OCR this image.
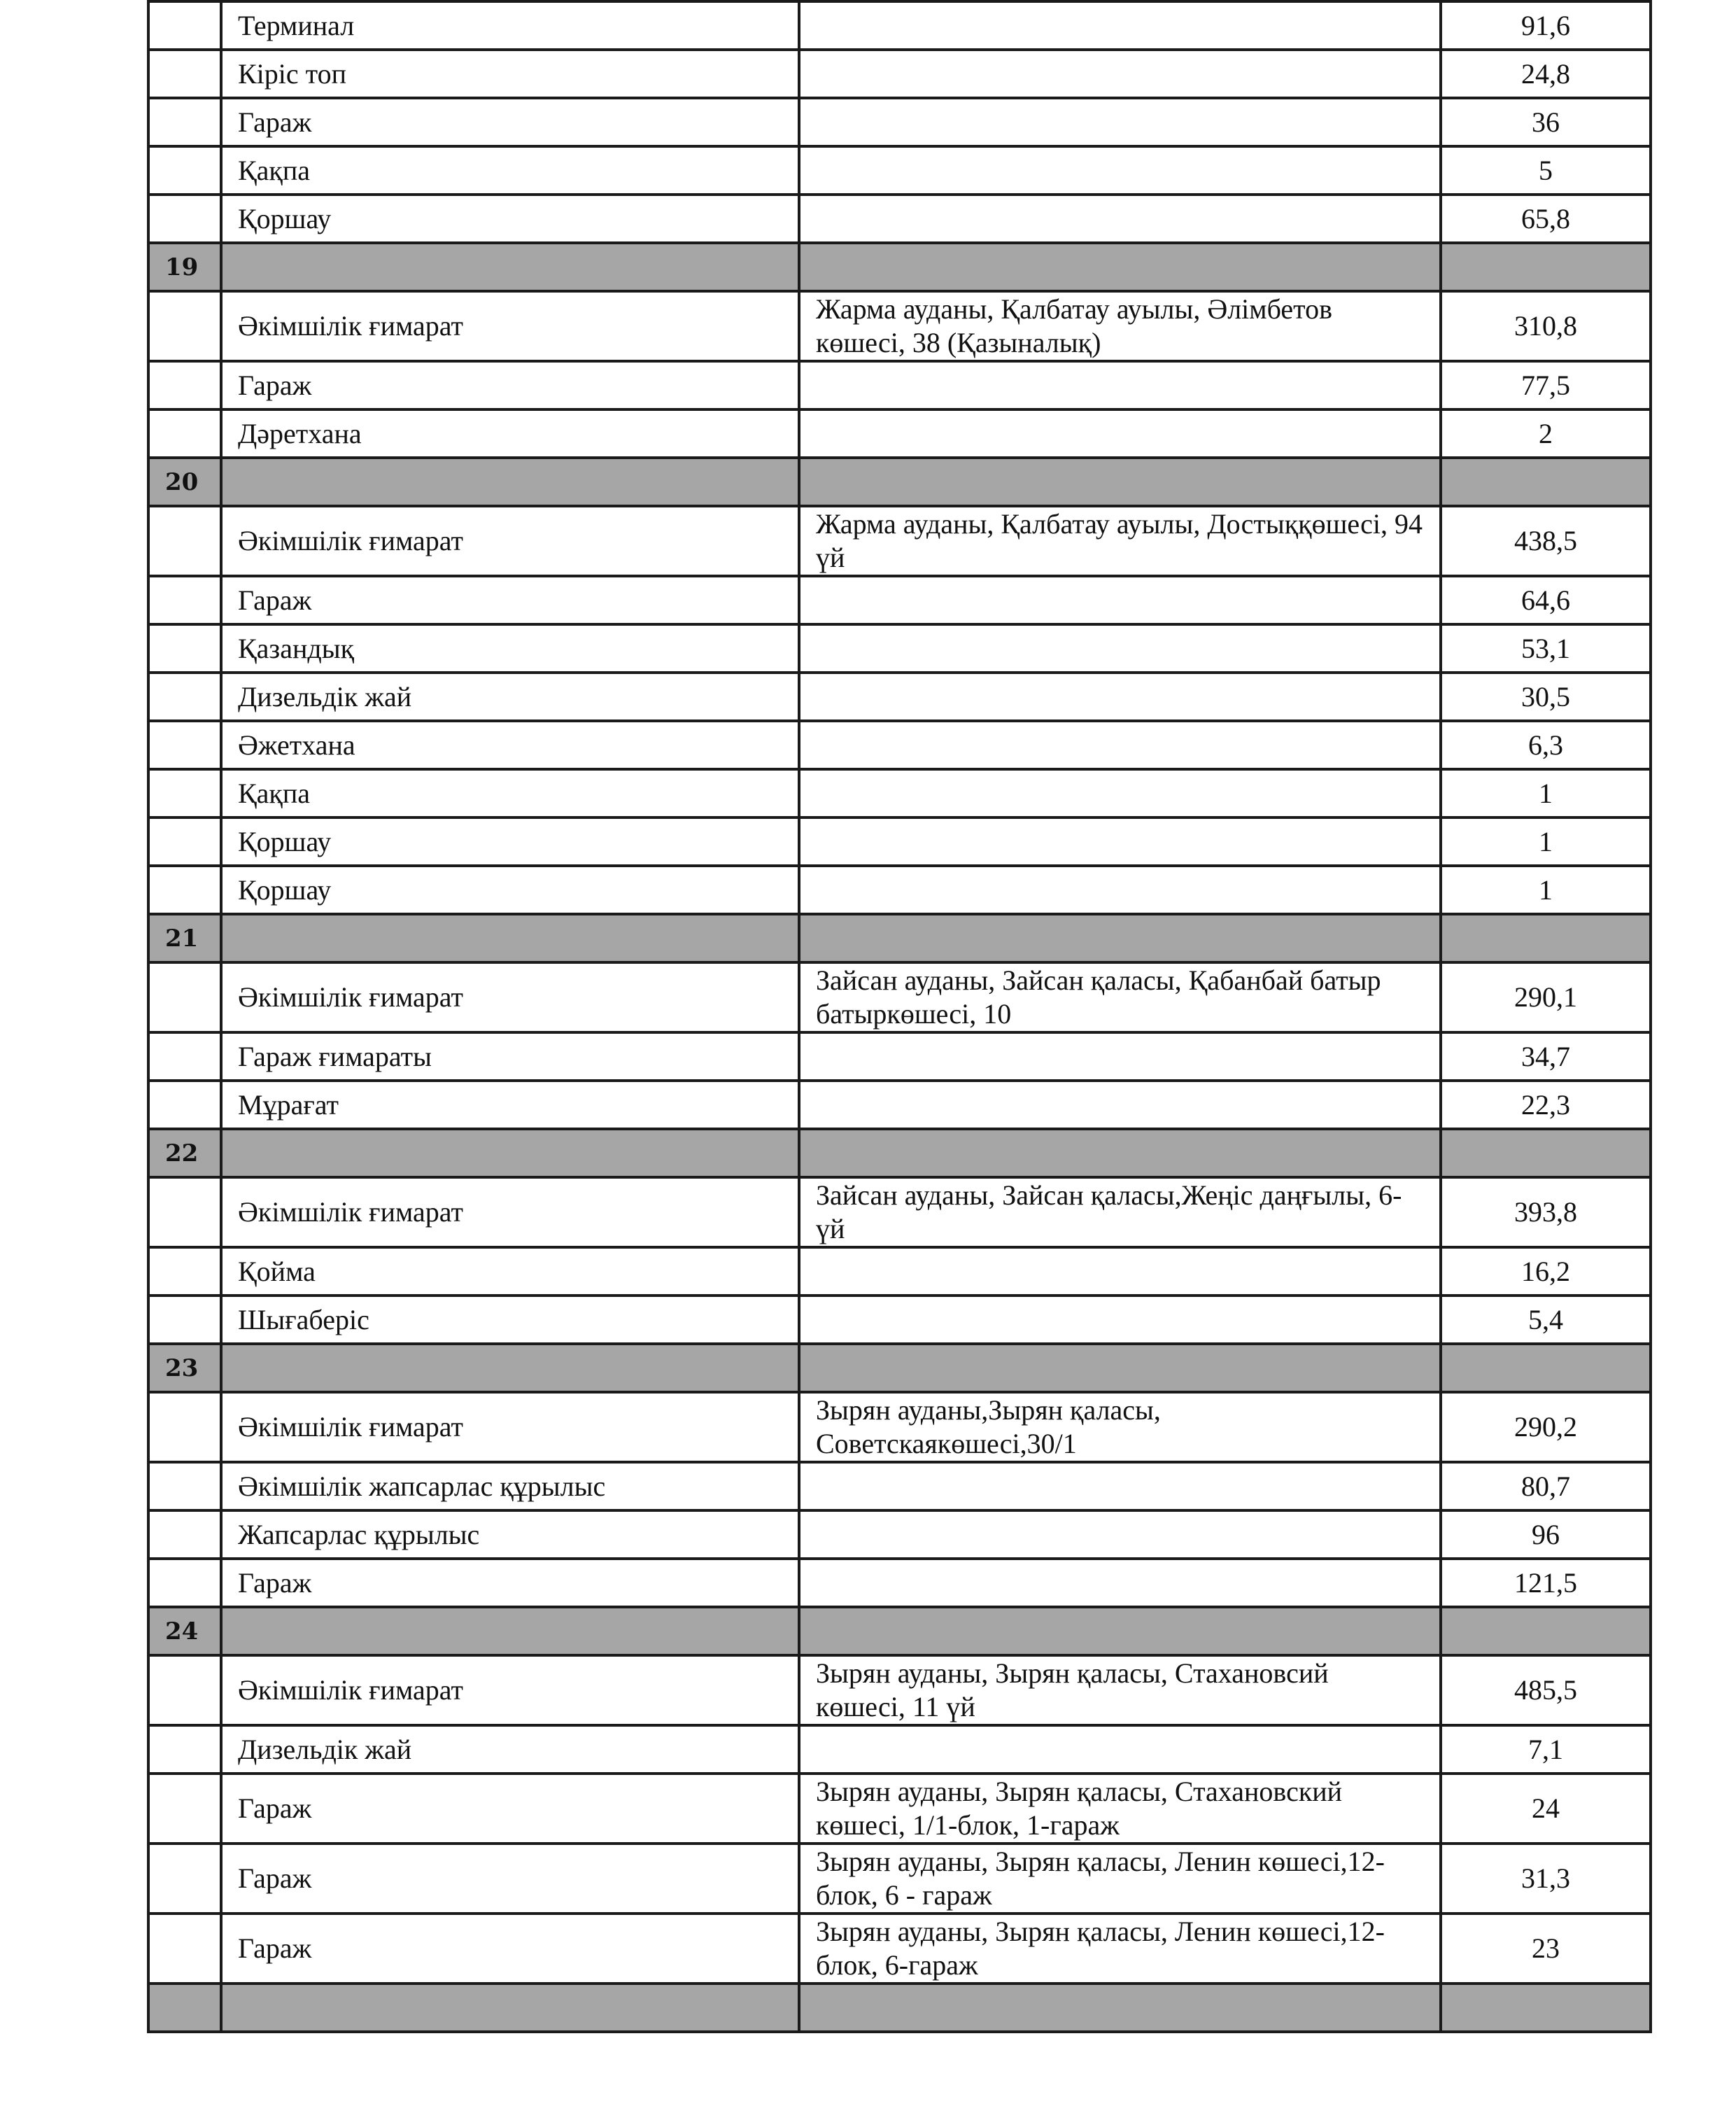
	Терминал		91,6
	Кіріс топ		24,8
	Гараж		36
	Қақпа		5
	Қоршау		65,8
19			
	Әкімшілік ғимарат	Жарма ауданы, Қалбатау ауылы, Әлімбетов көшесі, 38 (Қазыналық)	310,8
	Гараж		77,5
	Дәретхана		2
20			
	Әкімшілік ғимарат	Жарма ауданы, Қалбатау ауылы, Достыққөшесі, 94 үй	438,5
	Гараж		64,6
	Қазандық		53,1
	Дизельдік жай		30,5
	Әжетхана		6,3
	Қақпа		1
	Қоршау		1
	Қоршау		1
21			
	Әкімшілік ғимарат	Зайсан ауданы, Зайсан қаласы, Қабанбай батыр батыркөшесі, 10	290,1
	Гараж ғимараты		34,7
	Мұрағат		22,3
22			
	Әкімшілік ғимарат	Зайсан ауданы, Зайсан қаласы,Жеңіс даңғылы, 6-үй	393,8
	Қойма		16,2
	Шығаберіс		5,4
23			
	Әкімшілік ғимарат	Зырян ауданы,Зырян қаласы, Советскаякөшесі,30/1	290,2
	Әкімшілік жапсарлас құрылыс		80,7
	Жапсарлас құрылыс		96
	Гараж		121,5
24			
	Әкімшілік ғимарат	Зырян ауданы, Зырян қаласы, Стахановсий көшесі, 11 үй	485,5
	Дизельдік жай		7,1
	Гараж	Зырян ауданы, Зырян қаласы, Стахановский көшесі, 1/1-блок, 1-гараж	24
	Гараж	Зырян ауданы, Зырян қаласы, Ленин көшесі,12-блок, 6 - гараж	31,3
	Гараж	Зырян ауданы, Зырян қаласы, Ленин көшесі,12-блок, 6-гараж	23
